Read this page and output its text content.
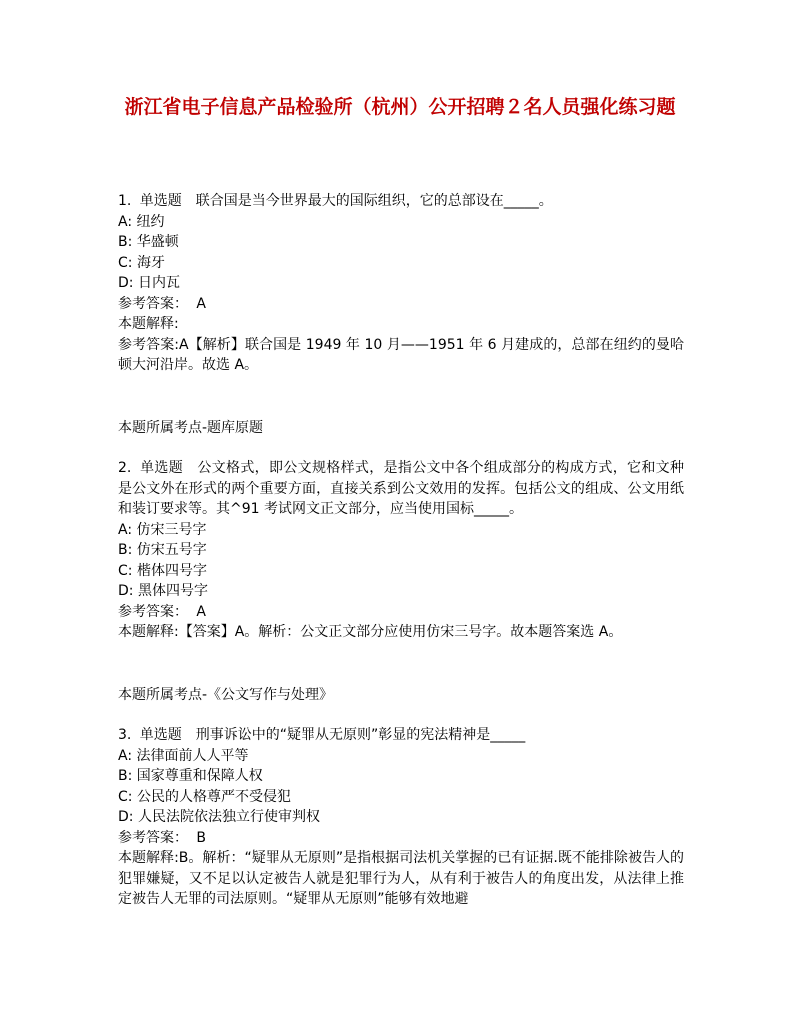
浙江省电子信息产品检验所（杭州）公开招聘２名人员强化练习题
1. 单选题 联合国是当今世界最大的国际组织，它的总部设在_____。
A: 纽约
B: 华盛顿
C: 海牙
D: 日内瓦
参考答案： A
本题解释:
参考答案:A【解析】联合国是 1949 年 10 月——1951 年 6 月建成的，总部在纽约的曼哈顿大河沿岸。故选 A。
本题所属考点-题库原题
2. 单选题 公文格式，即公文规格样式，是指公文中各个组成部分的构成方式，它和文种是公文外在形式的两个重要方面，直接关系到公文效用的发挥。包括公文的组成、公文用纸和装订要求等。其^91 考试网文正文部分，应当使用国标_____。
A: 仿宋三号字
B: 仿宋五号字
C: 楷体四号字
D: 黑体四号字
参考答案： A
本题解释:【答案】A。解析：公文正文部分应使用仿宋三号字。故本题答案选 A。
本题所属考点-《公文写作与处理》
3. 单选题 刑事诉讼中的“疑罪从无原则”彰显的宪法精神是_____
A: 法律面前人人平等
B: 国家尊重和保障人权
C: 公民的人格尊严不受侵犯
D: 人民法院依法独立行使审判权
参考答案： B
本题解释:B。解析：“疑罪从无原则”是指根据司法机关掌握的已有证据.既不能排除被告人的犯罪嫌疑，又不足以认定被告人就是犯罪行为人，从有利于被告人的角度出发，从法律上推定被告人无罪的司法原则。“疑罪从无原则”能够有效地避
